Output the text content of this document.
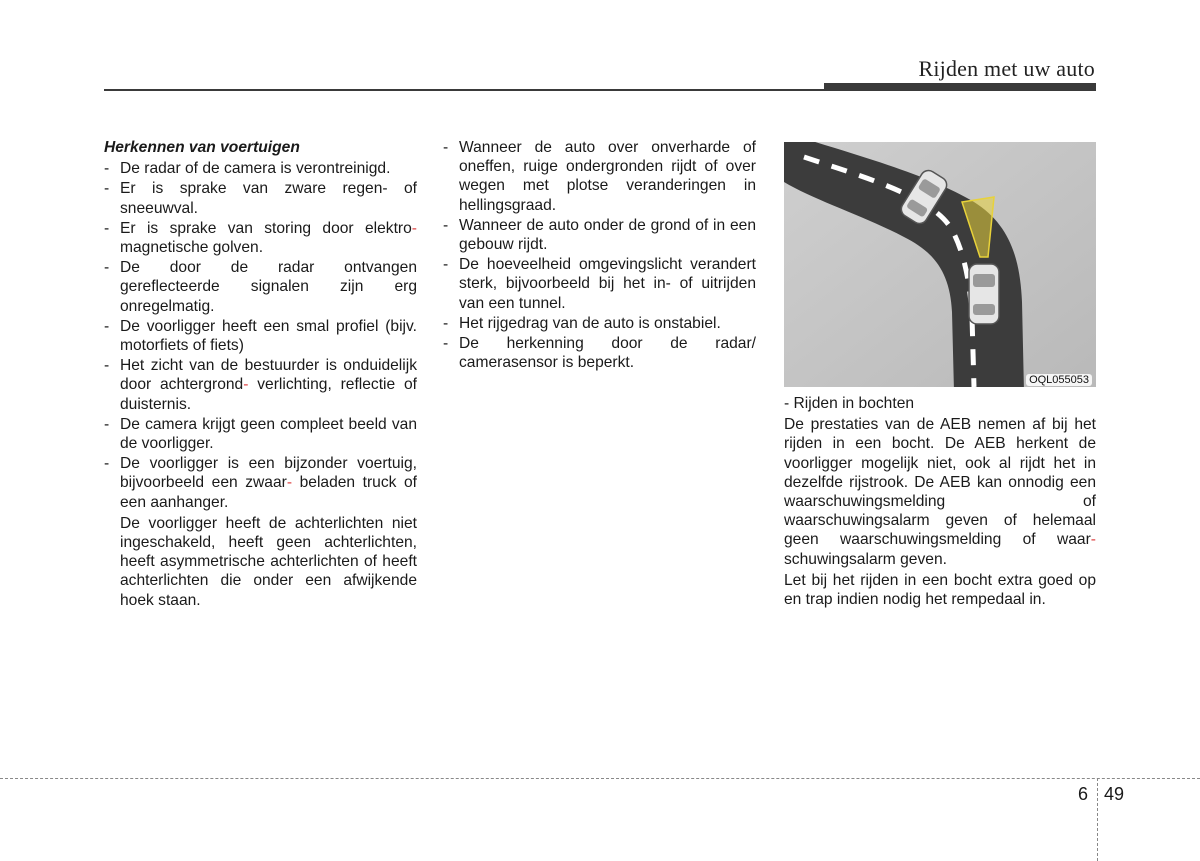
Rijden met uw auto
Herkennen van voertuigen
- De radar of de camera is verontreinigd.
- Er is sprake van zware regen- of sneeuwval.
- Er is sprake van storing door elektro- magnetische golven.
- De door de radar ontvangen gereflecteerde signalen zijn erg onregelmatig.
- De voorligger heeft een smal profiel (bijv. motorfiets of fiets)
- Het zicht van de bestuurder is onduidelijk door achtergrond- verlichting, reflectie of duisternis.
- De camera krijgt geen compleet beeld van de voorligger.
- De voorligger is een bijzonder voertuig, bijvoorbeeld een zwaar- beladen truck of een aanhanger.
De voorligger heeft de achterlichten niet ingeschakeld, heeft geen achterlichten, heeft asymmetrische achterlichten of heeft achterlichten die onder een afwijkende hoek staan.
- Wanneer de auto over onverharde of oneffen, ruige ondergronden rijdt of over wegen met plotse veranderingen in hellingsgraad.
- Wanneer de auto onder de grond of in een gebouw rijdt.
- De hoeveelheid omgevingslicht verandert sterk, bijvoorbeeld bij het in- of uitrijden van een tunnel.
- Het rijgedrag van de auto is onstabiel.
- De herkenning door de radar/ camerasensor is beperkt.
OQL055053

- Rijden in bochten

De prestaties van de AEB nemen af bij het rijden in een bocht. De AEB herkent de voorligger mogelijk niet, ook al rijdt het in dezelfde rijstrook. De AEB kan onnodig een waarschuwingsmelding of waarschuwingsalarm geven of helemaal geen waarschuwingsmelding of waar- schuwingsalarm geven.

Let bij het rijden in een bocht extra goed op en trap indien nodig het rempedaal in.

6 49
